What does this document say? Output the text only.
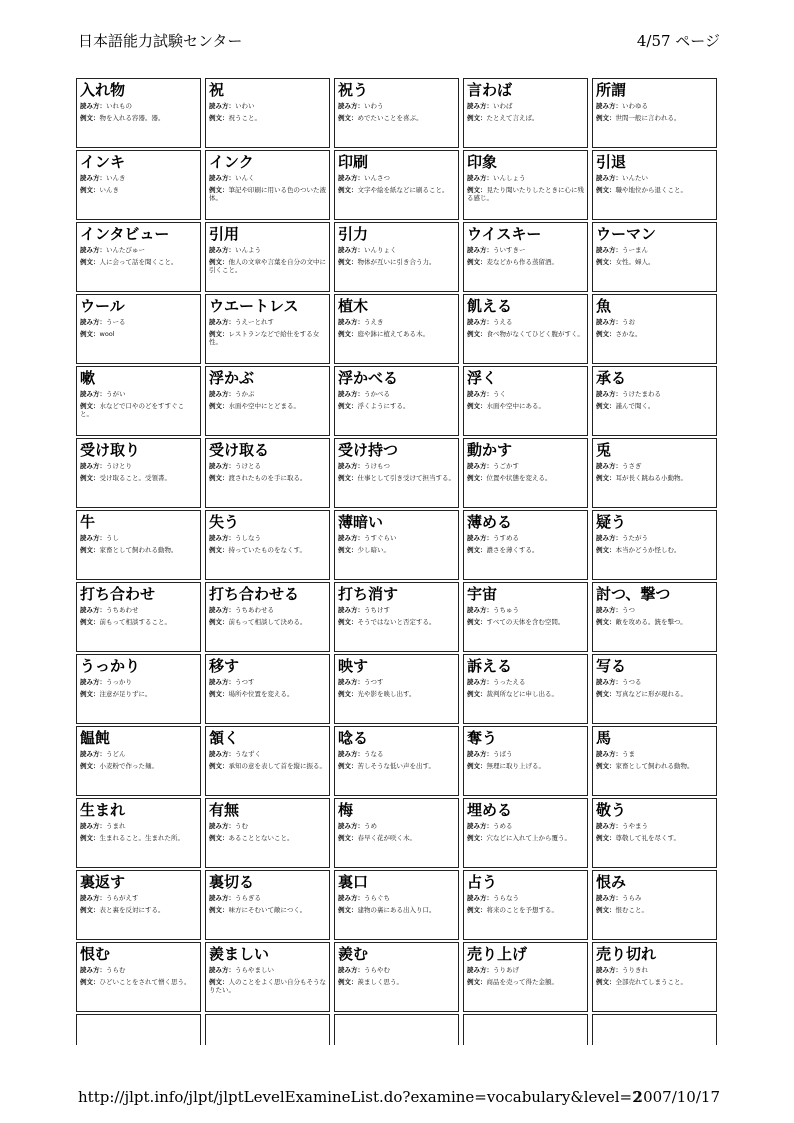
日本語能力試験センター	4/57 ページ
入れ物
読み方：いれもの
例文：物を入れる容器。器。
祝
読み方：いわい
例文：祝うこと。
祝う
読み方：いわう
例文：めでたいことを喜ぶ。
言わば
読み方：いわば
例文：たとえて言えば。
所謂
読み方：いわゆる
例文：世間一般に言われる。
インキ
読み方：いんき
例文：いんき
インク
読み方：いんく
例文：筆記や印刷に用いる色のついた液体。
印刷
読み方：いんさつ
例文：文字や絵を紙などに刷ること。
印象
読み方：いんしょう
例文：見たり聞いたりしたときに心に残る感じ。
引退
読み方：いんたい
例文：職や地位から退くこと。
インタビュー
読み方：いんたびゅー
例文：人に会って話を聞くこと。
引用
読み方：いんよう
例文：他人の文章や言葉を自分の文中に引くこと。
引力
読み方：いんりょく
例文：物体が互いに引き合う力。
ウイスキー
読み方：ういすきー
例文：麦などから作る蒸留酒。
ウーマン
読み方：うーまん
例文：女性。婦人。
ウール
読み方：うーる
例文：wool
ウエートレス
読み方：うえーとれす
例文：レストランなどで給仕をする女性。
植木
読み方：うえき
例文：庭や鉢に植えてある木。
飢える
読み方：うえる
例文：食べ物がなくてひどく腹がすく。
魚
読み方：うお
例文：さかな。
嗽
読み方：うがい
例文：水などで口やのどをすすぐこと。
浮かぶ
読み方：うかぶ
例文：水面や空中にとどまる。
浮かべる
読み方：うかべる
例文：浮くようにする。
浮く
読み方：うく
例文：水面や空中にある。
承る
読み方：うけたまわる
例文：謹んで聞く。
受け取り
読み方：うけとり
例文：受け取ること。受領書。
受け取る
読み方：うけとる
例文：渡されたものを手に取る。
受け持つ
読み方：うけもつ
例文：仕事として引き受けて担当する。
動かす
読み方：うごかす
例文：位置や状態を変える。
兎
読み方：うさぎ
例文：耳が長く跳ねる小動物。
牛
読み方：うし
例文：家畜として飼われる動物。
失う
読み方：うしなう
例文：持っていたものをなくす。
薄暗い
読み方：うすぐらい
例文：少し暗い。
薄める
読み方：うすめる
例文：濃さを薄くする。
疑う
読み方：うたがう
例文：本当かどうか怪しむ。
打ち合わせ
読み方：うちあわせ
例文：前もって相談すること。
打ち合わせる
読み方：うちあわせる
例文：前もって相談して決める。
打ち消す
読み方：うちけす
例文：そうではないと否定する。
宇宙
読み方：うちゅう
例文：すべての天体を含む空間。
討つ、撃つ
読み方：うつ
例文：敵を攻める。銃を撃つ。
うっかり
読み方：うっかり
例文：注意が足りずに。
移す
読み方：うつす
例文：場所や位置を変える。
映す
読み方：うつす
例文：光や影を映し出す。
訴える
読み方：うったえる
例文：裁判所などに申し出る。
写る
読み方：うつる
例文：写真などに形が現れる。
饂飩
読み方：うどん
例文：小麦粉で作った麺。
頷く
読み方：うなずく
例文：承知の意を表して首を縦に振る。
唸る
読み方：うなる
例文：苦しそうな低い声を出す。
奪う
読み方：うばう
例文：無理に取り上げる。
馬
読み方：うま
例文：家畜として飼われる動物。
生まれ
読み方：うまれ
例文：生まれること。生まれた所。
有無
読み方：うむ
例文：あることとないこと。
梅
読み方：うめ
例文：春早く花が咲く木。
埋める
読み方：うめる
例文：穴などに入れて上から覆う。
敬う
読み方：うやまう
例文：尊敬して礼を尽くす。
裏返す
読み方：うらがえす
例文：表と裏を反対にする。
裏切る
読み方：うらぎる
例文：味方にそむいて敵につく。
裏口
読み方：うらぐち
例文：建物の裏にある出入り口。
占う
読み方：うらなう
例文：将来のことを予想する。
恨み
読み方：うらみ
例文：恨むこと。
恨む
読み方：うらむ
例文：ひどいことをされて憎く思う。
羨ましい
読み方：うらやましい
例文：人のことをよく思い自分もそうなりたい。
羨む
読み方：うらやむ
例文：羨ましく思う。
売り上げ
読み方：うりあげ
例文：商品を売って得た金額。
売り切れ
読み方：うりきれ
例文：全部売れてしまうこと。
http://jlpt.info/jlpt/jlptLevelExamineList.do?examine=vocabulary&level=2
2007/10/17
